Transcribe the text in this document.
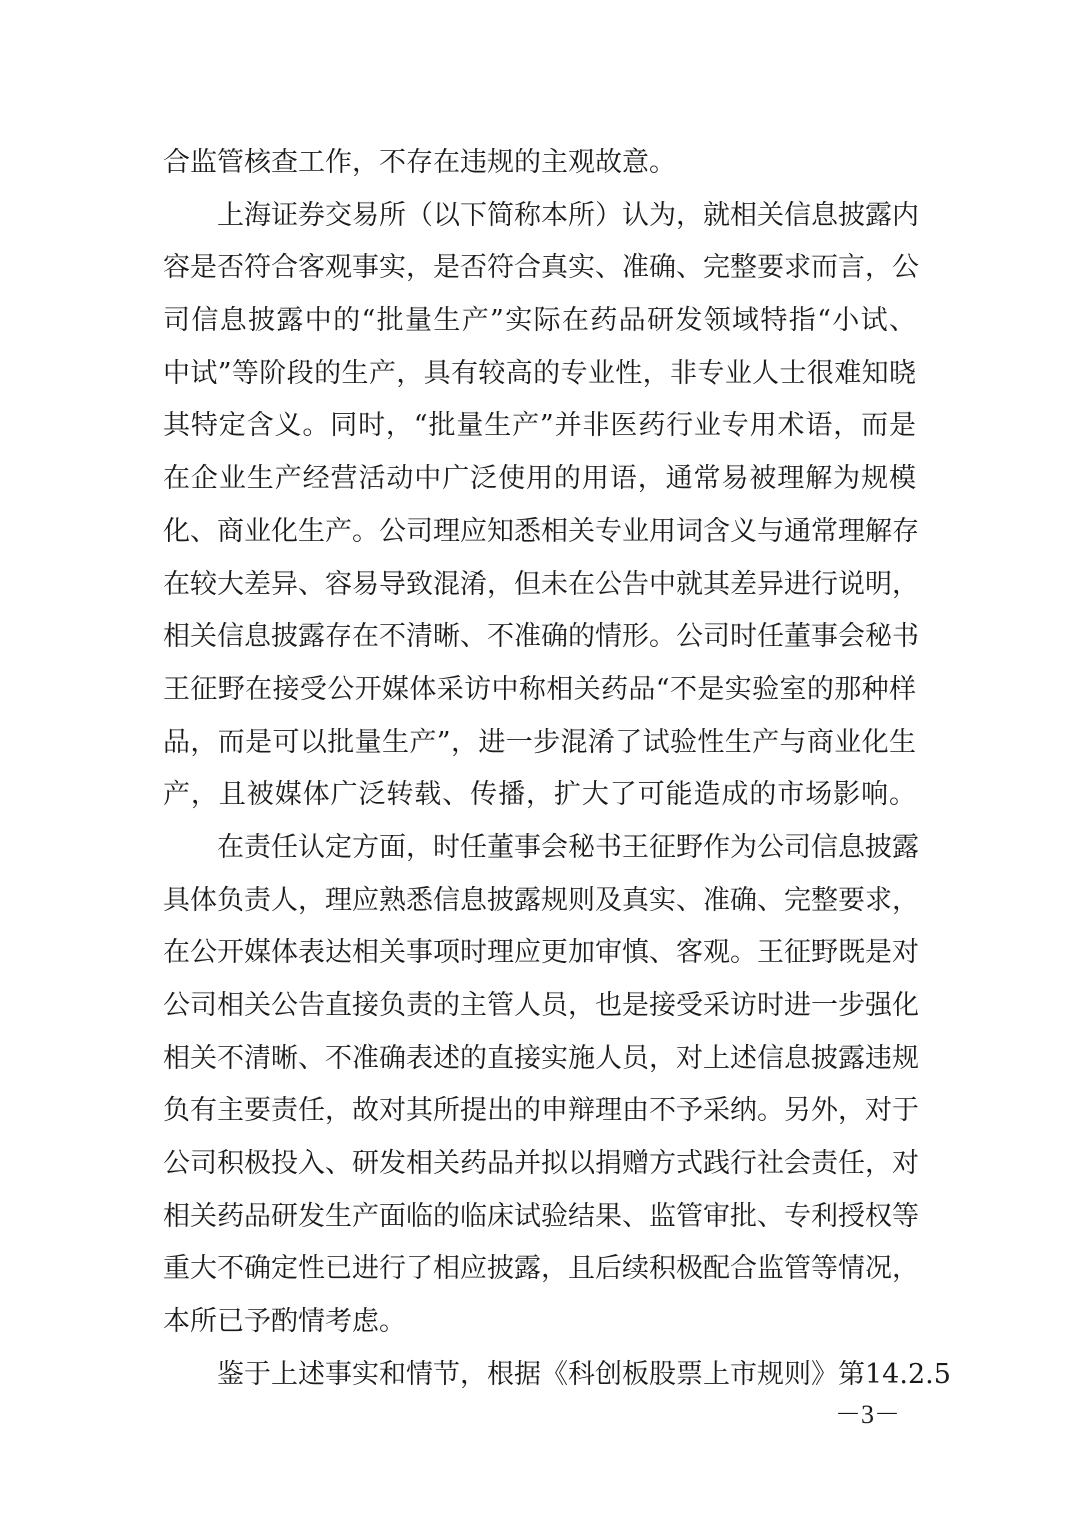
合监管核查工作，不存在违规的主观故意。
上海证券交易所（以下简称本所）认为，就相关信息披露内
容是否符合客观事实，是否符合真实、准确、完整要求而言，公
司信息披露中的“批量生产”实际在药品研发领域特指“小试、
中试”等阶段的生产，具有较高的专业性，非专业人士很难知晓
其特定含义。同时，“批量生产”并非医药行业专用术语，而是
在企业生产经营活动中广泛使用的用语，通常易被理解为规模
化、商业化生产。公司理应知悉相关专业用词含义与通常理解存
在较大差异、容易导致混淆，但未在公告中就其差异进行说明，
相关信息披露存在不清晰、不准确的情形。公司时任董事会秘书
王征野在接受公开媒体采访中称相关药品“不是实验室的那种样
品，而是可以批量生产”，进一步混淆了试验性生产与商业化生
产，且被媒体广泛转载、传播，扩大了可能造成的市场影响。
在责任认定方面，时任董事会秘书王征野作为公司信息披露
具体负责人，理应熟悉信息披露规则及真实、准确、完整要求，
在公开媒体表达相关事项时理应更加审慎、客观。王征野既是对
公司相关公告直接负责的主管人员，也是接受采访时进一步强化
相关不清晰、不准确表述的直接实施人员，对上述信息披露违规
负有主要责任，故对其所提出的申辩理由不予采纳。另外，对于
公司积极投入、研发相关药品并拟以捐赠方式践行社会责任，对
相关药品研发生产面临的临床试验结果、监管审批、专利授权等
重大不确定性已进行了相应披露，且后续积极配合监管等情况，
本所已予酌情考虑。
鉴于上述事实和情节，根据《科创板股票上市规则》第14.2.5
－3－
